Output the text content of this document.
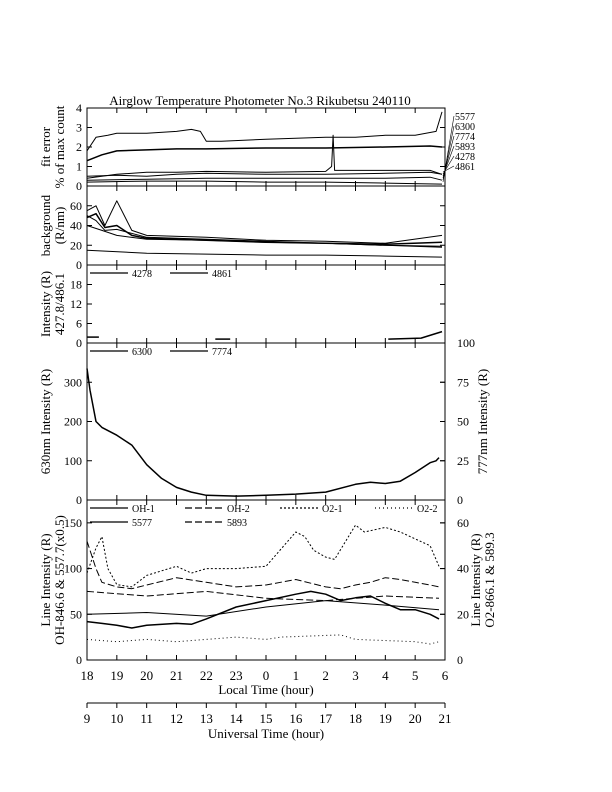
Airglow Temperature Photometer No.3 Rikubetsu 240110
0
1
2
3
4
fit error % of max count	5577
6300
7774
5893
4278
4861
0
20
40
60
background (R/nm)
0
6
12
18
Intensity (R) 427.8/486.1	4278	4861
0
100
200
300
0
25
50
75
100
630nm Intensity (R)	777nm Intensity (R)
6300	7774
0
50
100
150
0
20
40
60
Line Intensity (R) OH-846.6 & 557.7(x0.5)	Line Intensity (R) O2-866.1 & 589.3
OH-1	OH-2	O2-1	O2-2
5577	5893
18 19 20 21 22 23 0 1 2 3 4 5 6
Local Time (hour)
9 10 11 12 13 14 15 16 17 18 19 20 21
Universal Time (hour)
